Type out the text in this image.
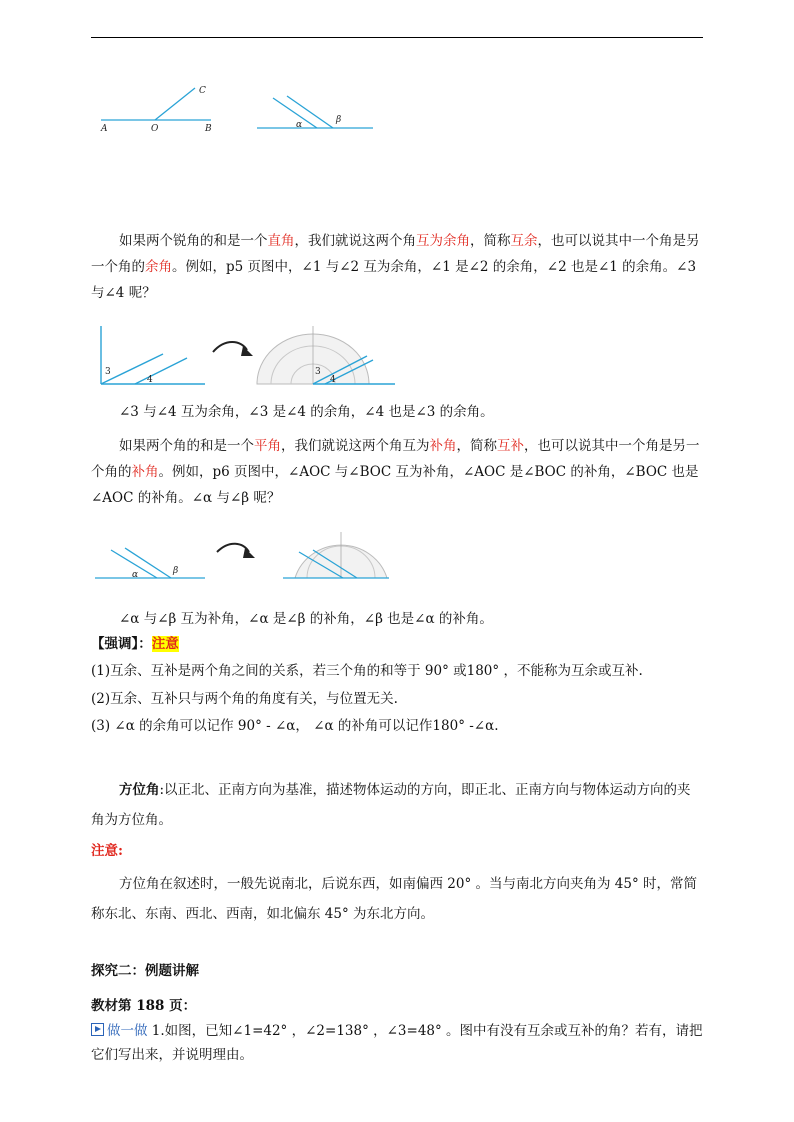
A	O	B
C
α	β
如果两个锐角的和是一个直角，我们就说这两个角互为余角，简称互余，也可以说其中一个角是另一个角的余角。例如，p5 页图中，∠1 与∠2 互为余角，∠1 是∠2 的余角，∠2 也是∠1 的余角。∠3 与∠4 呢？
3
4
3
4
∠3 与∠4 互为余角，∠3 是∠4 的余角，∠4 也是∠3 的余角。
如果两个角的和是一个平角，我们就说这两个角互为补角，简称互补，也可以说其中一个角是另一个角的补角。例如，p6 页图中，∠AOC 与∠BOC 互为补角，∠AOC 是∠BOC 的补角，∠BOC 也是∠AOC 的补角。∠α 与∠β 呢？
α	β
∠α 与∠β 互为补角，∠α 是∠β 的补角，∠β 也是∠α 的补角。
【强调】：注意
(1)互余、互补是两个角之间的关系，若三个角的和等于 90° 或180° ，不能称为互余或互补.
(2)互余、互补只与两个角的角度有关，与位置无关.
(3) ∠α 的余角可以记作 90° - ∠α， ∠α 的补角可以记作180° -∠α.
方位角:以正北、正南方向为基准，描述物体运动的方向，即正北、正南方向与物体运动方向的夹角为方位角。
注意:
方位角在叙述时，一般先说南北，后说东西，如南偏西 20° 。当与南北方向夹角为 45° 时，常简称东北、东南、西北、西南，如北偏东 45° 为东北方向。
探究二：例题讲解
教材第 188 页：
做一做 1.如图，已知∠1=42° ，∠2=138° ，∠3=48° 。图中有没有互余或互补的角？若有，请把它们写出来，并说明理由。
